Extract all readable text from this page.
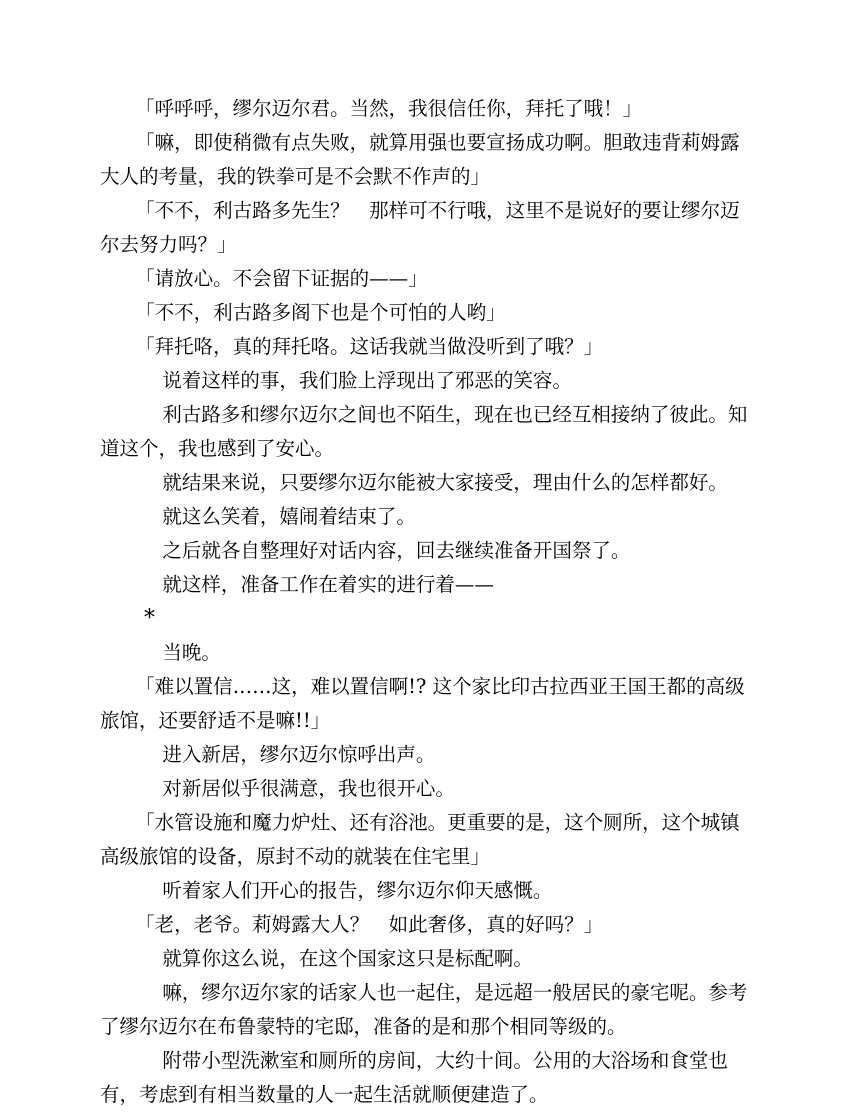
「呼呼呼，缪尔迈尔君。当然，我很信任你，拜托了哦！」

「嘛，即使稍微有点失败，就算用强也要宣扬成功啊。胆敢违背莉姆露大人的考量，我的铁拳可是不会默不作声的」

「不不，利古路多先生？　那样可不行哦，这里不是说好的要让缪尔迈尔去努力吗？」

「请放心。不会留下证据的——」

「不不，利古路多阁下也是个可怕的人哟」

「拜托咯，真的拜托咯。这话我就当做没听到了哦？」

说着这样的事，我们脸上浮现出了邪恶的笑容。

利古路多和缪尔迈尔之间也不陌生，现在也已经互相接纳了彼此。知道这个，我也感到了安心。

就结果来说，只要缪尔迈尔能被大家接受，理由什么的怎样都好。

就这么笑着，嬉闹着结束了。

之后就各自整理好对话内容，回去继续准备开国祭了。

就这样，准备工作在着实的进行着——

*

当晚。

「难以置信……这，难以置信啊!? 这个家比印古拉西亚王国王都的高级旅馆，还要舒适不是嘛!!」

进入新居，缪尔迈尔惊呼出声。

对新居似乎很满意，我也很开心。

「水管设施和魔力炉灶、还有浴池。更重要的是，这个厕所，这个城镇高级旅馆的设备，原封不动的就装在住宅里」

听着家人们开心的报告，缪尔迈尔仰天感慨。

「老，老爷。莉姆露大人？　如此奢侈，真的好吗？」

就算你这么说，在这个国家这只是标配啊。

嘛，缪尔迈尔家的话家人也一起住，是远超一般居民的豪宅呢。参考了缪尔迈尔在布鲁蒙特的宅邸，准备的是和那个相同等级的。

附带小型洗漱室和厕所的房间，大约十间。公用的大浴场和食堂也有，考虑到有相当数量的人一起生活就顺便建造了。
